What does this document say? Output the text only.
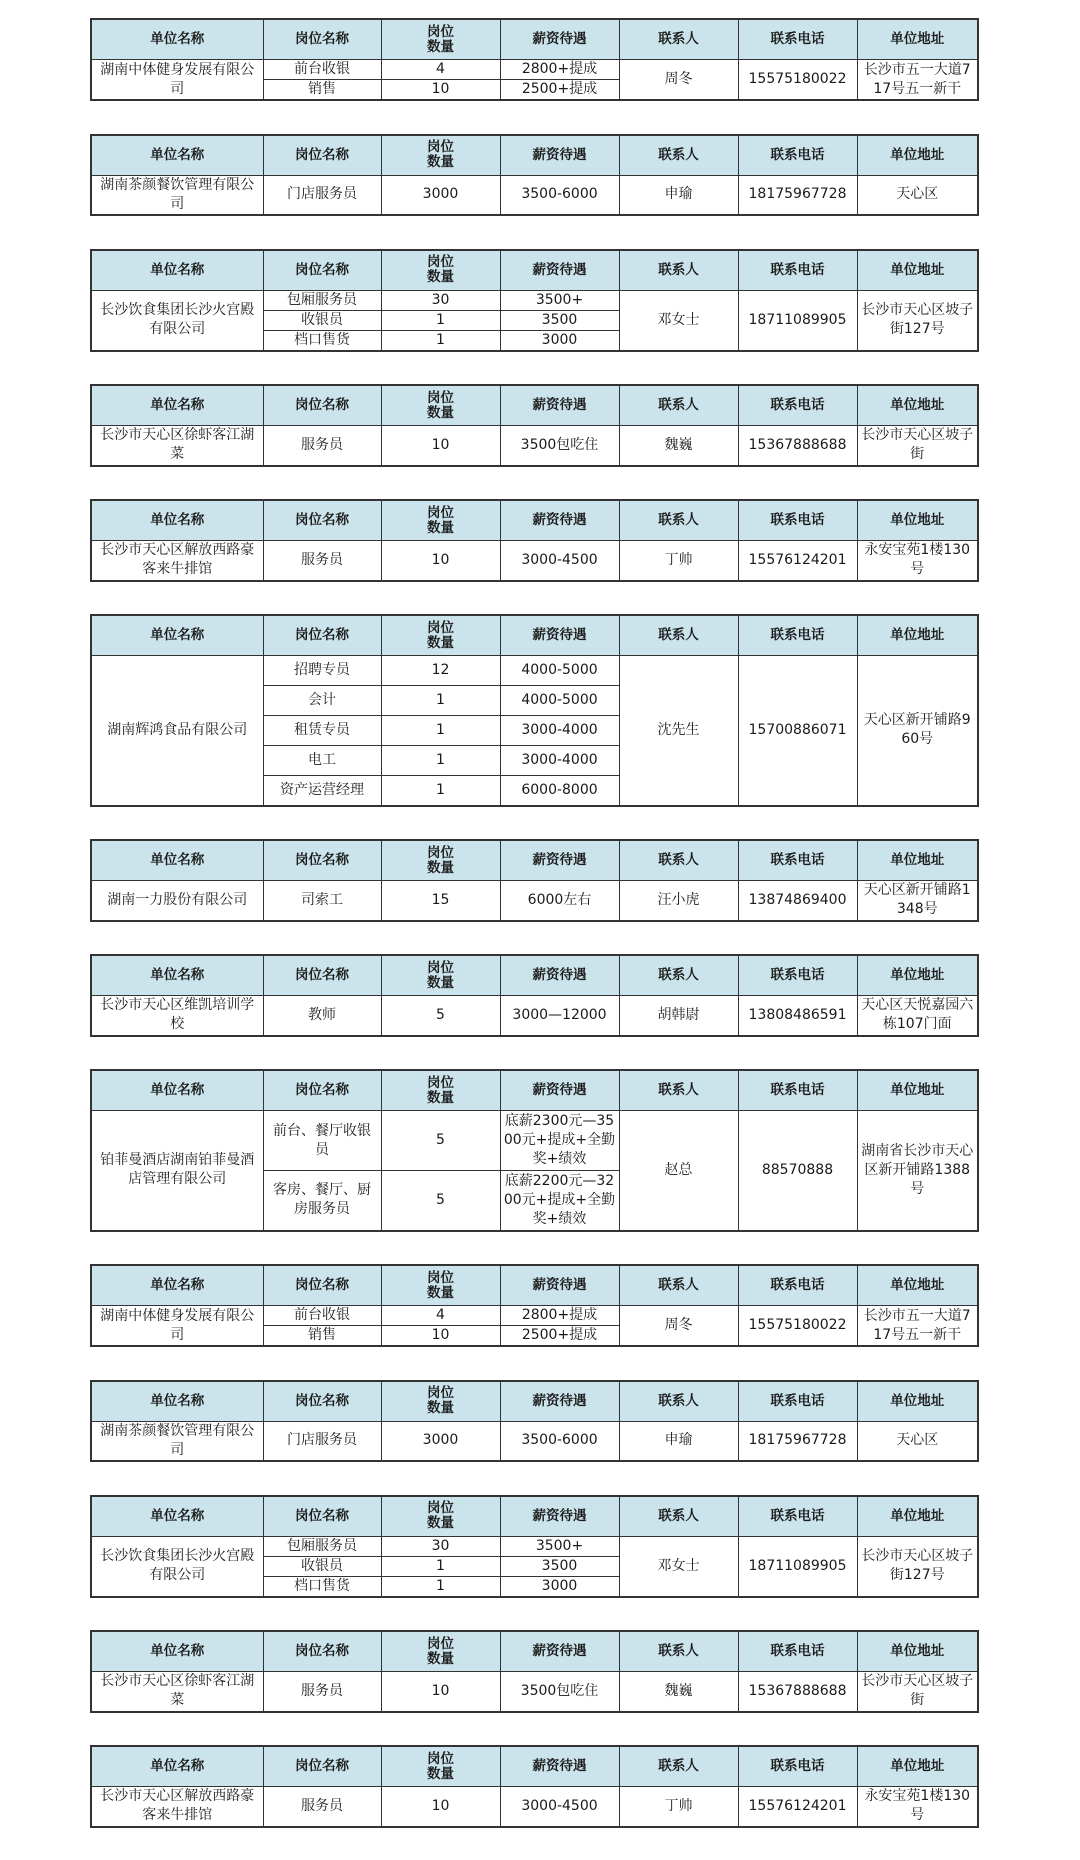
单位名称	岗位名称	岗位数量	薪资待遇	联系人	联系电话	单位地址
湖南中体健身发展有限公司	前台收银	4	2800+提成	周冬	15575180022	长沙市五一大道717号五一新干
	销售	10	2500+提成			
单位名称	岗位名称	岗位数量	薪资待遇	联系人	联系电话	单位地址
湖南茶颜餐饮管理有限公司	门店服务员	3000	3500-6000	申瑜	18175967728	天心区
单位名称	岗位名称	岗位数量	薪资待遇	联系人	联系电话	单位地址
长沙饮食集团长沙火宫殿有限公司	包厢服务员	30	3500+	邓女士	18711089905	长沙市天心区坡子街127号
	收银员	1	3500			
	档口售货	1	3000			
单位名称	岗位名称	岗位数量	薪资待遇	联系人	联系电话	单位地址
长沙市天心区徐虾客江湖菜	服务员	10	3500包吃住	魏巍	15367888688	长沙市天心区坡子街
单位名称	岗位名称	岗位数量	薪资待遇	联系人	联系电话	单位地址
长沙市天心区解放西路豪客来牛排馆	服务员	10	3000-4500	丁帅	15576124201	永安宝苑1楼130号
单位名称	岗位名称	岗位数量	薪资待遇	联系人	联系电话	单位地址
湖南辉鸿食品有限公司	招聘专员	12	4000-5000	沈先生	15700886071	天心区新开铺路960号
	会计	1	4000-5000			
	租赁专员	1	3000-4000			
	电工	1	3000-4000			
	资产运营经理	1	6000-8000			
单位名称	岗位名称	岗位数量	薪资待遇	联系人	联系电话	单位地址
湖南一力股份有限公司	司索工	15	6000左右	汪小虎	13874869400	天心区新开铺路1348号
单位名称	岗位名称	岗位数量	薪资待遇	联系人	联系电话	单位地址
长沙市天心区维凯培训学校	教师	5	3000—12000	胡韩尉	13808486591	天心区天悦嘉园六栋107门面
单位名称	岗位名称	岗位数量	薪资待遇	联系人	联系电话	单位地址
铂菲曼酒店湖南铂菲曼酒店管理有限公司	前台、餐厅收银员	5	底薪2300元—3500元+提成+全勤奖+绩效	赵总	88570888	湖南省长沙市天心区新开铺路1388号
	客房、餐厅、厨房服务员	5	底薪2200元—3200元+提成+全勤奖+绩效			
单位名称	岗位名称	岗位数量	薪资待遇	联系人	联系电话	单位地址
湖南中体健身发展有限公司	前台收银	4	2800+提成	周冬	15575180022	长沙市五一大道717号五一新干
	销售	10	2500+提成			
单位名称	岗位名称	岗位数量	薪资待遇	联系人	联系电话	单位地址
湖南茶颜餐饮管理有限公司	门店服务员	3000	3500-6000	申瑜	18175967728	天心区
单位名称	岗位名称	岗位数量	薪资待遇	联系人	联系电话	单位地址
长沙饮食集团长沙火宫殿有限公司	包厢服务员	30	3500+	邓女士	18711089905	长沙市天心区坡子街127号
	收银员	1	3500			
	档口售货	1	3000			
单位名称	岗位名称	岗位数量	薪资待遇	联系人	联系电话	单位地址
长沙市天心区徐虾客江湖菜	服务员	10	3500包吃住	魏巍	15367888688	长沙市天心区坡子街
单位名称	岗位名称	岗位数量	薪资待遇	联系人	联系电话	单位地址
长沙市天心区解放西路豪客来牛排馆	服务员	10	3000-4500	丁帅	15576124201	永安宝苑1楼130号
